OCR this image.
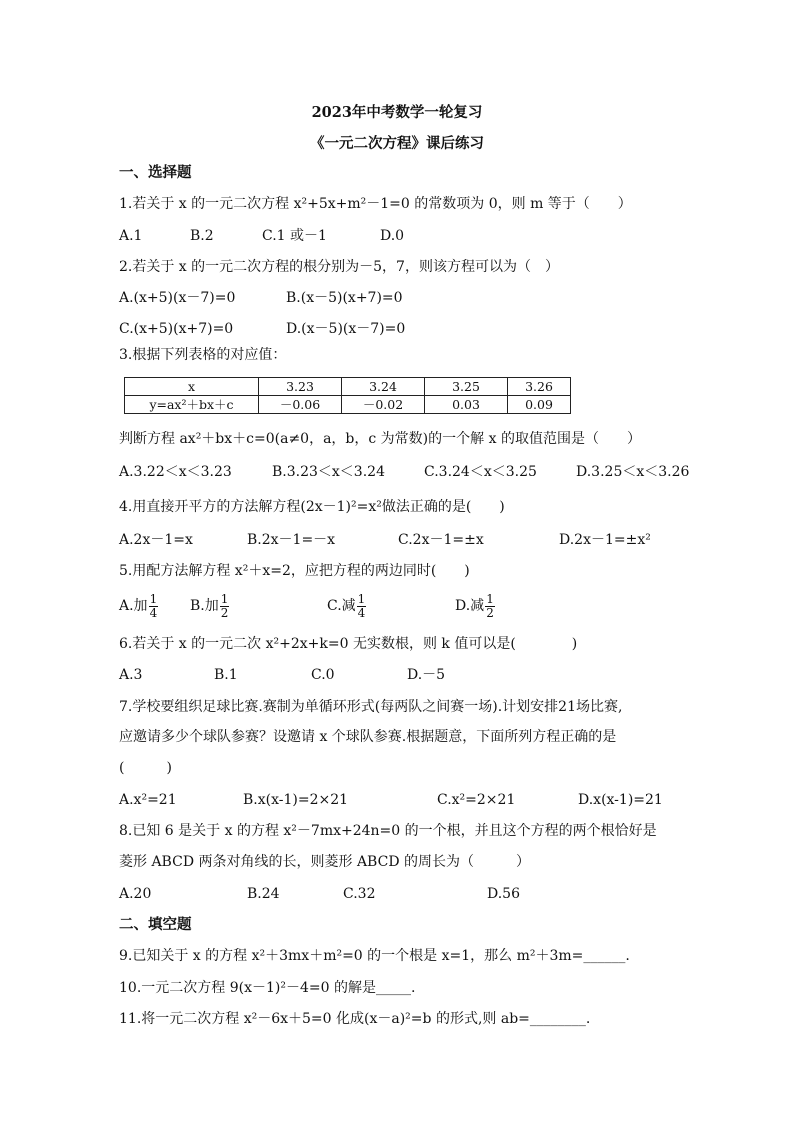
2023年中考数学一轮复习
《一元二次方程》课后练习
一、选择题
1.若关于 x 的一元二次方程 x²+5x+m²－1=0 的常数项为 0，则 m 等于（　　）
A.1	B.2	C.1 或－1	D.0
2.若关于 x 的一元二次方程的根分别为－5，7，则该方程可以为（　）
A.(x+5)(x－7)=0	B.(x－5)(x+7)=0
C.(x+5)(x+7)=0	D.(x－5)(x－7)=0
3.根据下列表格的对应值：
x	3.23	3.24	3.25	3.26
y=ax²＋bx＋c	－0.06	－0.02	0.03	0.09
判断方程 ax²＋bx＋c=0(a≠0，a，b，c 为常数)的一个解 x 的取值范围是（　　）
A.3.22＜x＜3.23	B.3.23＜x＜3.24	C.3.24＜x＜3.25	D.3.25＜x＜3.26
4.用直接开平方的方法解方程(2x－1)²=x²做法正确的是(　　)
A.2x－1=x	B.2x－1=－x	C.2x－1=±x	D.2x－1=±x²
5.用配方法解方程 x²＋x=2，应把方程的两边同时(　　)
A.加 $\frac{1}{4} B$.加 $\frac{1}{2}$	C.减 $\frac{1}{4}$	D.减 $\frac{1}{2}$
6.若关于 x 的一元二次 x²+2x+k=0 无实数根，则 k 值可以是(　　　　)
A.3	B.1	C.0	D.－5
7.学校要组织足球比赛.赛制为单循环形式(每两队之间赛一场).计划安排21场比赛,
应邀请多少个球队参赛？设邀请 x 个球队参赛.根据题意，下面所列方程正确的是
(　　　)
A.x²=21	B.x(x-1)=2×21	C.x²=2×21	D.x(x-1)=21
8.已知 6 是关于 x 的方程 x²－7mx+24n=0 的一个根，并且这个方程的两个根恰好是
菱形 ABCD 两条对角线的长，则菱形 ABCD 的周长为（　　　）
A.20	B.24	C.32	D.56
二、填空题
9.已知关于 x 的方程 x²＋3mx＋m²=0 的一个根是 x=1，那么 m²＋3m=______.
10.一元二次方程 9(x－1)²－4=0 的解是_____.
11.将一元二次方程 x²－6x＋5=0 化成(x－a)²=b 的形式,则 ab=________.
